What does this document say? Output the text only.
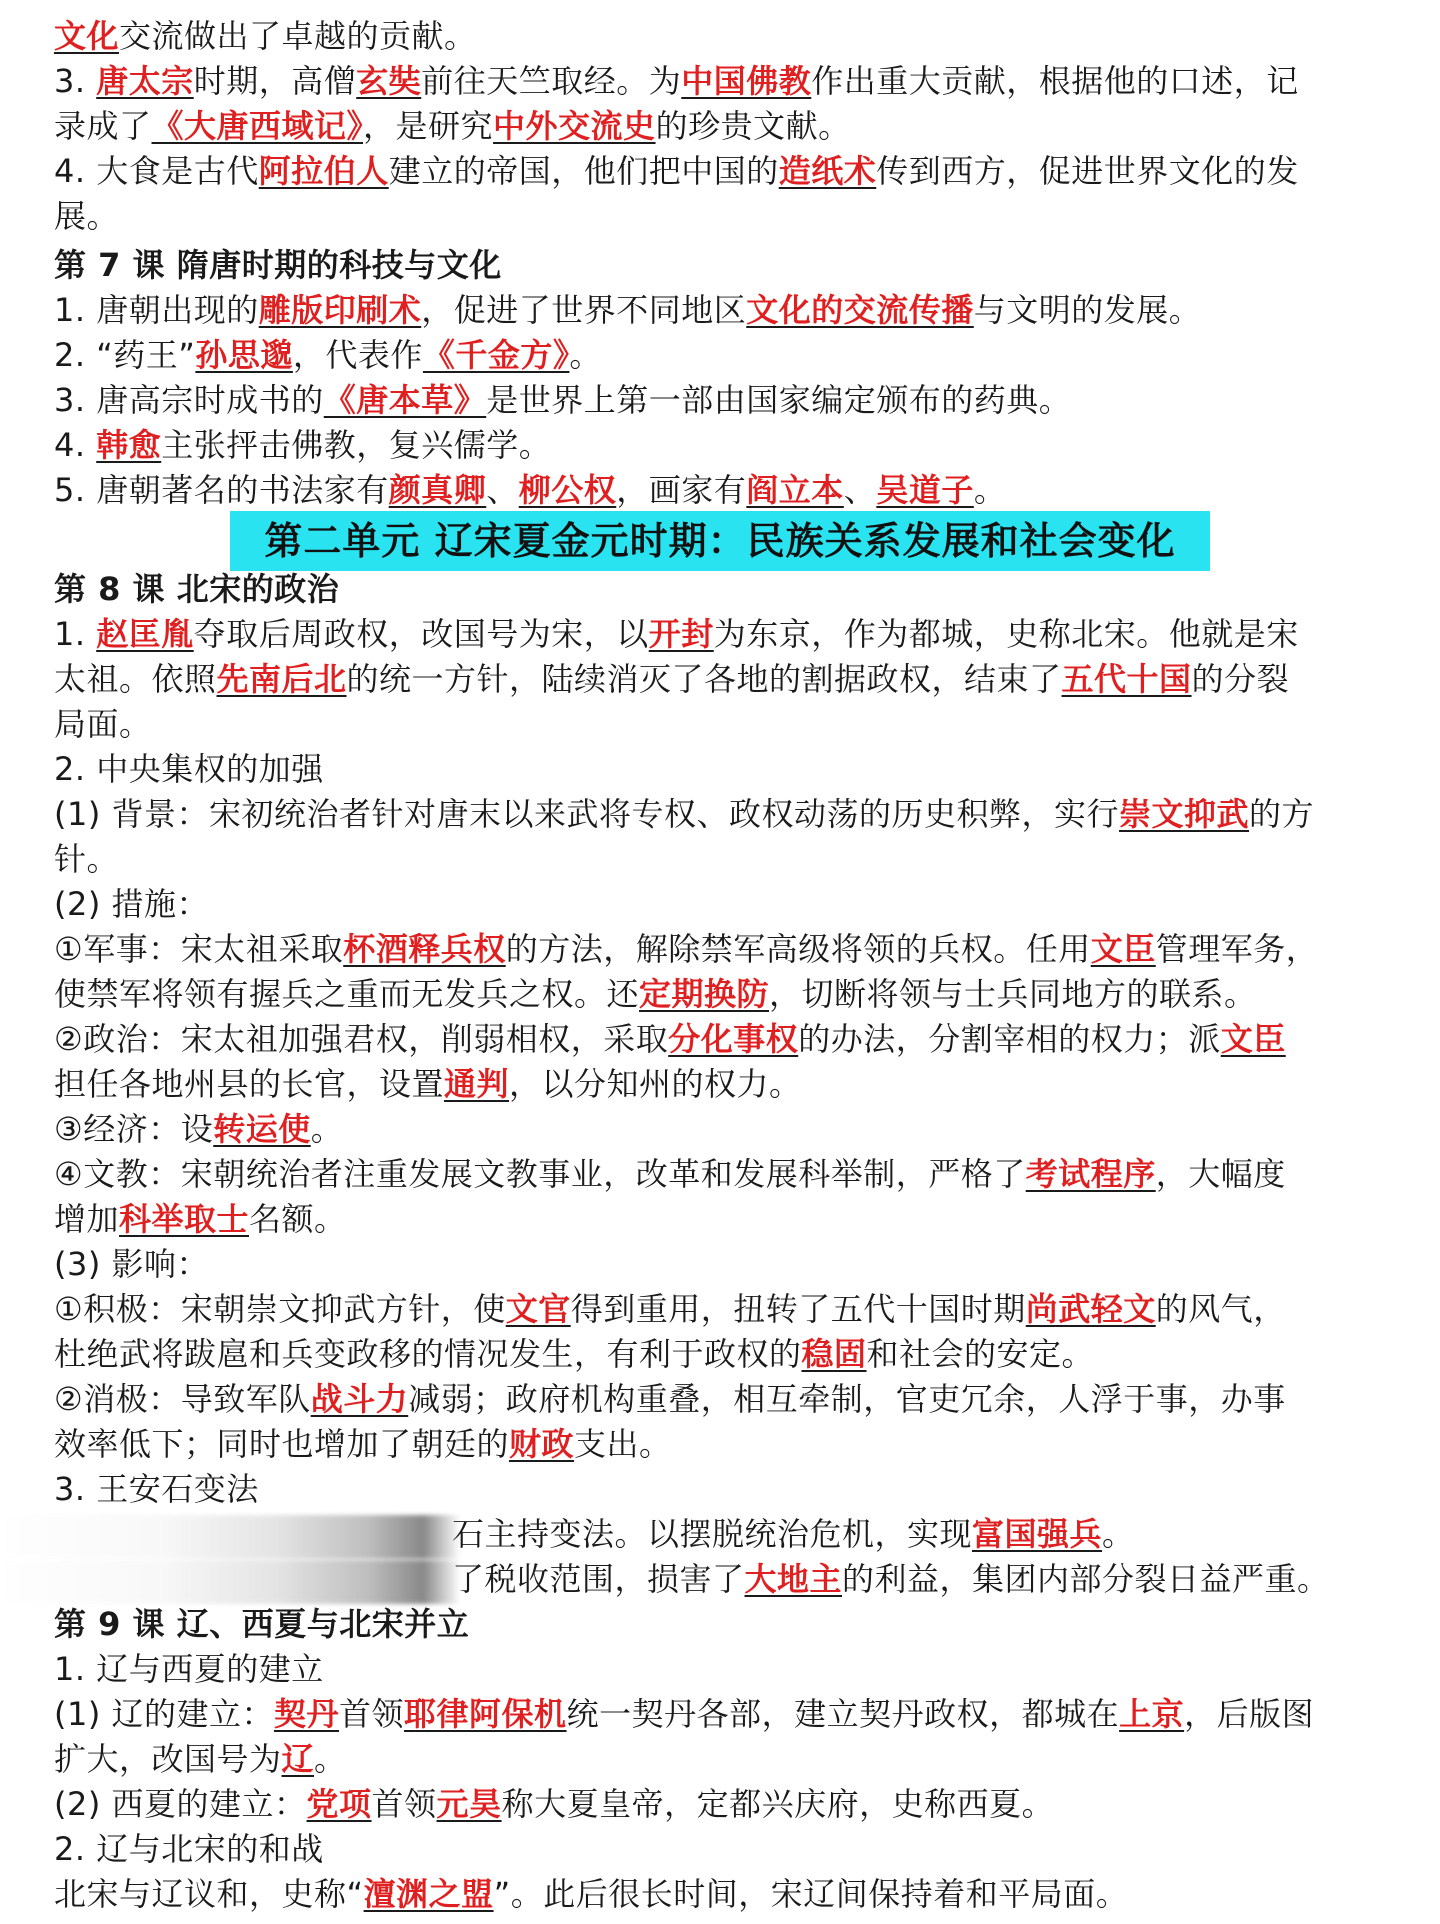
第二单元 辽宋夏金元时期：民族关系发展和社会变化
文化交流做出了卓越的贡献。
3. 唐太宗时期，高僧玄奘前往天竺取经。为中国佛教作出重大贡献，根据他的口述，记
录成了《大唐西域记》，是研究中外交流史的珍贵文献。
4. 大食是古代阿拉伯人建立的帝国，他们把中国的造纸术传到西方，促进世界文化的发
展。
第 7 课 隋唐时期的科技与文化
1. 唐朝出现的雕版印刷术，促进了世界不同地区文化的交流传播与文明的发展。
2. “药王”孙思邈，代表作《千金方》。
3. 唐高宗时成书的《唐本草》是世界上第一部由国家编定颁布的药典。
4. 韩愈主张抨击佛教，复兴儒学。
5. 唐朝著名的书法家有颜真卿、柳公权，画家有阎立本、吴道子。
第 8 课 北宋的政治
1. 赵匡胤夺取后周政权，改国号为宋，以开封为东京，作为都城，史称北宋。他就是宋
太祖。依照先南后北的统一方针，陆续消灭了各地的割据政权，结束了五代十国的分裂
局面。
2. 中央集权的加强
(1) 背景：宋初统治者针对唐末以来武将专权、政权动荡的历史积弊，实行崇文抑武的方
针。
(2) 措施：
①军事：宋太祖采取杯酒释兵权的方法，解除禁军高级将领的兵权。任用文臣管理军务，
使禁军将领有握兵之重而无发兵之权。还定期换防，切断将领与士兵同地方的联系。
②政治：宋太祖加强君权，削弱相权，采取分化事权的办法，分割宰相的权力；派文臣
担任各地州县的长官，设置通判，以分知州的权力。
③经济：设转运使。
④文教：宋朝统治者注重发展文教事业，改革和发展科举制，严格了考试程序，大幅度
增加科举取士名额。
(3) 影响：
①积极：宋朝崇文抑武方针，使文官得到重用，扭转了五代十国时期尚武轻文的风气，
杜绝武将跋扈和兵变政移的情况发生，有利于政权的稳固和社会的安定。
②消极：导致军队战斗力减弱；政府机构重叠，相互牵制，官吏冗余，人浮于事，办事
效率低下；同时也增加了朝廷的财政支出。
3. 王安石变法
石主持变法。以摆脱统治危机，实现富国强兵。
了税收范围，损害了大地主的利益，集团内部分裂日益严重。
第 9 课 辽、西夏与北宋并立
1. 辽与西夏的建立
(1) 辽的建立：契丹首领耶律阿保机统一契丹各部，建立契丹政权，都城在上京，后版图
扩大，改国号为辽。
(2) 西夏的建立：党项首领元昊称大夏皇帝，定都兴庆府，史称西夏。
2. 辽与北宋的和战
北宋与辽议和，史称“澶渊之盟”。此后很长时间，宋辽间保持着和平局面。
